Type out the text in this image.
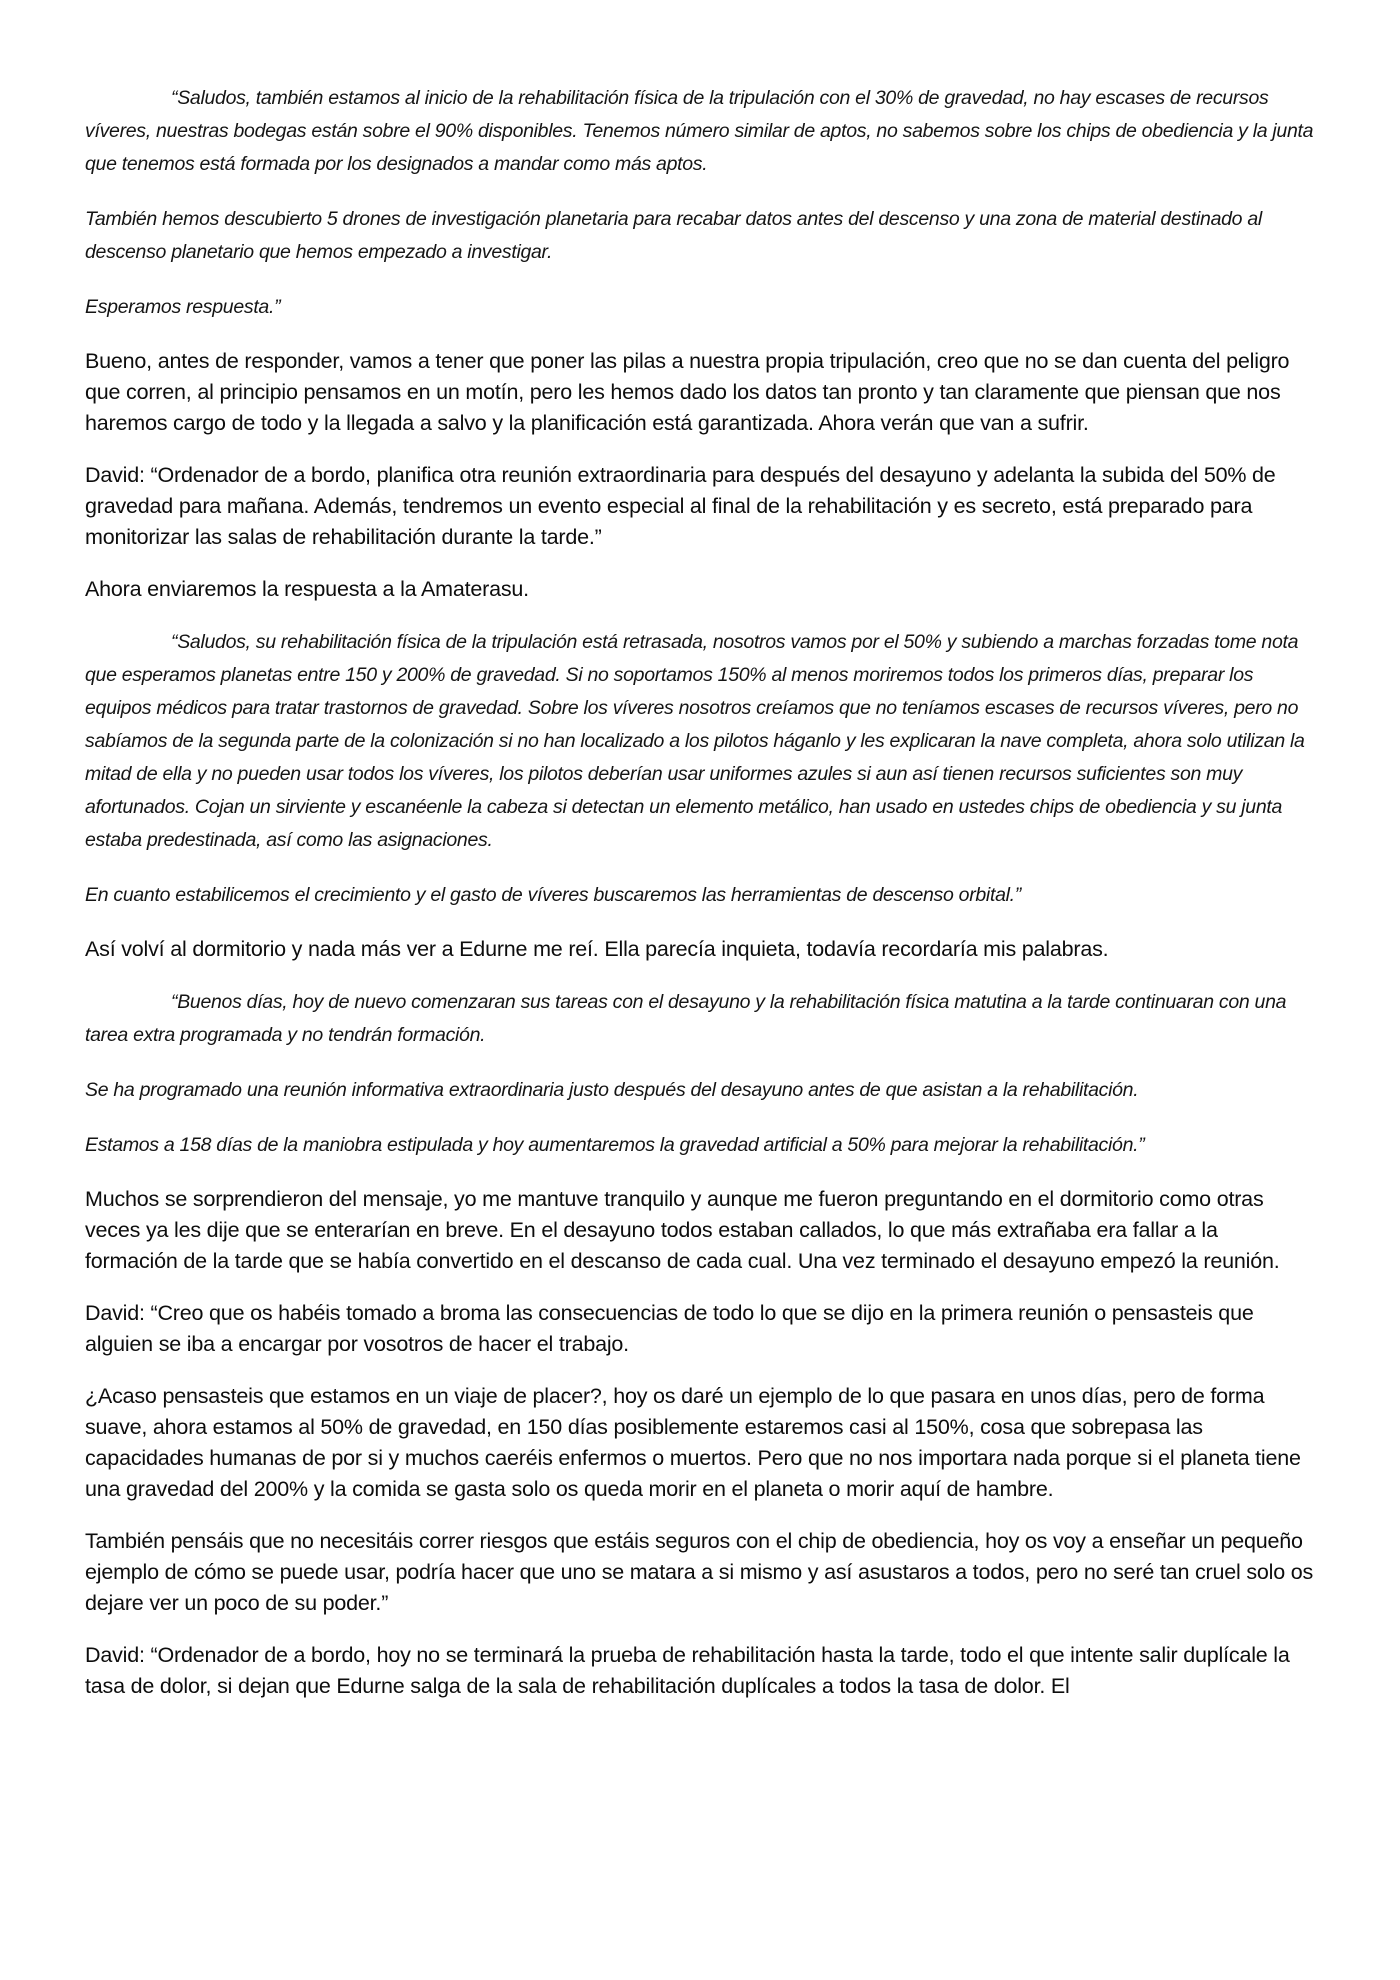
“Saludos, también estamos al inicio de la rehabilitación física de la tripulación con el 30% de gravedad, no hay escases de recursos víveres, nuestras bodegas están sobre el 90% disponibles. Tenemos número similar de aptos, no sabemos sobre los chips de obediencia y la junta que tenemos está formada por los designados a mandar como más aptos.

También hemos descubierto 5 drones de investigación planetaria para recabar datos antes del descenso y una zona de material destinado al descenso planetario que hemos empezado a investigar.

Esperamos respuesta.”

Bueno, antes de responder, vamos a tener que poner las pilas a nuestra propia tripulación, creo que no se dan cuenta del peligro que corren, al principio pensamos en un motín, pero les hemos dado los datos tan pronto y tan claramente que piensan que nos haremos cargo de todo y la llegada a salvo y la planificación está garantizada. Ahora verán que van a sufrir.

David: “Ordenador de a bordo, planifica otra reunión extraordinaria para después del desayuno y adelanta la subida del 50% de gravedad para mañana. Además, tendremos un evento especial al final de la rehabilitación y es secreto, está preparado para monitorizar las salas de rehabilitación durante la tarde.”

Ahora enviaremos la respuesta a la Amaterasu.

“Saludos, su rehabilitación física de la tripulación está retrasada, nosotros vamos por el 50% y subiendo a marchas forzadas tome nota que esperamos planetas entre 150 y 200% de gravedad. Si no soportamos 150% al menos moriremos todos los primeros días, preparar los equipos médicos para tratar trastornos de gravedad. Sobre los víveres nosotros creíamos que no teníamos escases de recursos víveres, pero no sabíamos de la segunda parte de la colonización si no han localizado a los pilotos háganlo y les explicaran la nave completa, ahora solo utilizan la mitad de ella y no pueden usar todos los víveres, los pilotos deberían usar uniformes azules si aun así tienen recursos suficientes son muy afortunados. Cojan un sirviente y escanéenle la cabeza si detectan un elemento metálico, han usado en ustedes chips de obediencia y su junta estaba predestinada, así como las asignaciones.

En cuanto estabilicemos el crecimiento y el gasto de víveres buscaremos las herramientas de descenso orbital.”

Así volví al dormitorio y nada más ver a Edurne me reí. Ella parecía inquieta, todavía recordaría mis palabras.

“Buenos días, hoy de nuevo comenzaran sus tareas con el desayuno y la rehabilitación física matutina a la tarde continuaran con una tarea extra programada y no tendrán formación.

Se ha programado una reunión informativa extraordinaria justo después del desayuno antes de que asistan a la rehabilitación.

Estamos a 158 días de la maniobra estipulada y hoy aumentaremos la gravedad artificial a 50% para mejorar la rehabilitación.”

Muchos se sorprendieron del mensaje, yo me mantuve tranquilo y aunque me fueron preguntando en el dormitorio como otras veces ya les dije que se enterarían en breve. En el desayuno todos estaban callados, lo que más extrañaba era fallar a la formación de la tarde que se había convertido en el descanso de cada cual. Una vez terminado el desayuno empezó la reunión.

David: “Creo que os habéis tomado a broma las consecuencias de todo lo que se dijo en la primera reunión o pensasteis que alguien se iba a encargar por vosotros de hacer el trabajo.

¿Acaso pensasteis que estamos en un viaje de placer?, hoy os daré un ejemplo de lo que pasara en unos días, pero de forma suave, ahora estamos al 50% de gravedad, en 150 días posiblemente estaremos casi al 150%, cosa que sobrepasa las capacidades humanas de por si y muchos caeréis enfermos o muertos. Pero que no nos importara nada porque si el planeta tiene una gravedad del 200% y la comida se gasta solo os queda morir en el planeta o morir aquí de hambre.

También pensáis que no necesitáis correr riesgos que estáis seguros con el chip de obediencia, hoy os voy a enseñar un pequeño ejemplo de cómo se puede usar, podría hacer que uno se matara a si mismo y así asustaros a todos, pero no seré tan cruel solo os dejare ver un poco de su poder.”

David: “Ordenador de a bordo, hoy no se terminará la prueba de rehabilitación hasta la tarde, todo el que intente salir duplícale la tasa de dolor, si dejan que Edurne salga de la sala de rehabilitación duplícales a todos la tasa de dolor. El
